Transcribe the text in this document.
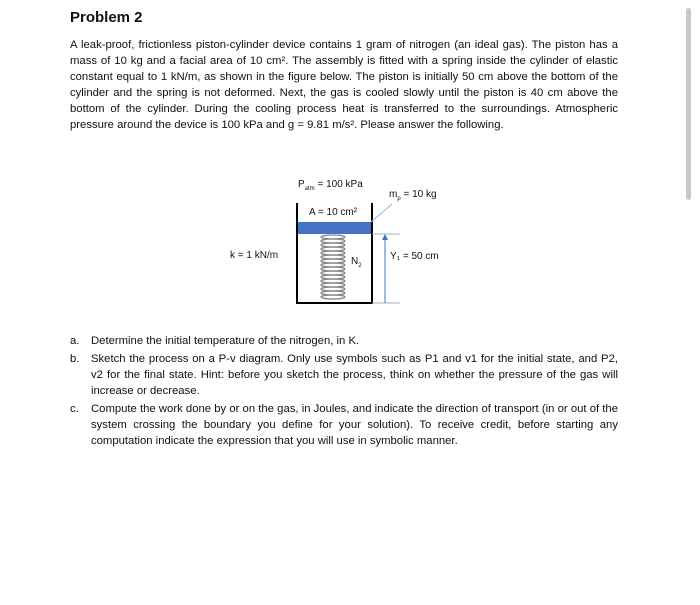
Problem 2
A leak-proof, frictionless piston-cylinder device contains 1 gram of nitrogen (an ideal gas). The piston has a mass of 10 kg and a facial area of 10 cm². The assembly is fitted with a spring inside the cylinder of elastic constant equal to 1 kN/m, as shown in the figure below. The piston is initially 50 cm above the bottom of the cylinder and the spring is not deformed. Next, the gas is cooled slowly until the piston is 40 cm above the bottom of the cylinder. During the cooling process heat is transferred to the surroundings. Atmospheric pressure around the device is 100 kPa and g = 9.81 m/s². Please answer the following.
$P_{atm} = 100$ kPa
$m_p = 10$ kg
A = 10 cm²
k = 1 kN/m
$N_2$
Y₁ = 50 cm
a.	Determine the initial temperature of the nitrogen, in K.
b.	Sketch the process on a P-v diagram. Only use symbols such as P1 and v1 for the initial state, and P2, v2 for the final state. Hint: before you sketch the process, think on whether the pressure of the gas will increase or decrease.
c.	Compute the work done by or on the gas, in Joules, and indicate the direction of transport (in or out of the system crossing the boundary you define for your solution). To receive credit, before starting any computation indicate the expression that you will use in symbolic manner.
